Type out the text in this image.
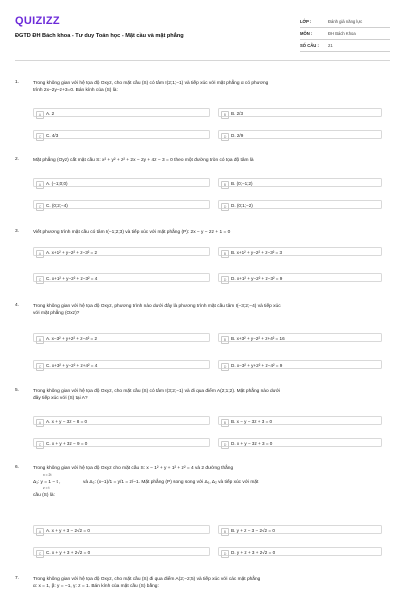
QUIZIZZ
ĐGTD ĐH Bách khoa - Tư duy Toán học - Mặt cầu và mặt phẳng
LỚP :	Đánh giá năng lực
MÔN :	ĐH Bách Khoa
SỐ CÂU :	21
1.	Trong không gian với hệ tọa độ Oxyz, cho mặt cầu (S) có tâm I(2;1;−1) và tiếp xúc với mặt phẳng α có phương
trình 2x−2y−z+3=0. Bán kính của (S) là:
A	A. 2	B	B. 2/3
C	C. 4/3	D	D. 2/9
2.	Mặt phẳng (Oyz) cắt mặt cầu S: x² + y² + z² + 2x − 2y + 4z − 3 = 0 theo một đường tròn có tọa độ tâm là
A	A. (−1;0;0)	B	B. (0;−1;2)
C	C. (0;2;−4)	D	D. (0;1;−2)
3.	Viết phương trình mặt cầu có tâm I(−1;2;3) và tiếp xúc với mặt phẳng (P): 2x − y − 2z + 1 = 0
A	A. x+1² + y−2² + z−3² = 2	B	B. x+1² + y−2² + z−3² = 3
C	C. x+1² + y−2² + z−3² = 4	D	D. x+1² + y−2² + z−3² = 9
4.	Trong không gian với hệ tọa độ Oxyz, phương trình nào dưới đây là phương trình mặt cầu tâm I(−3;2;−4) và tiếp xúc
với mặt phẳng (Oxz)?
A	A. x−3² + y+2² + z−4² = 2	B	B. x+3² + y−2² + z+4² = 16
C	C. x+3² + y−2² + z+4² = 4	D	D. x−3² + y+2² + z−4² = 9
5.	Trong không gian với hệ tọa độ Oxyz, cho mặt cầu (S) có tâm I(3;2;−1) và đi qua điểm A(2;1;2). Mặt phẳng nào dưới
đây tiếp xúc với (S) tại A?
A	A. x + y − 3z − 8 = 0	B	B. x − y − 3z + 3 = 0
C	C. x + y + 3z − 9 = 0	D	D. x + y − 3z + 3 = 0
6.	Trong không gian với hệ tọa độ Oxyz cho mặt cầu S: x − 1² + y + 1² + z² = 4 và 2 đường thẳng
x = 2t
Δ₁: y = 1 − t ,	và Δ₂: (x−1)/1 = y/1 = z/−1. Mặt phẳng (P) song song với Δ₁, Δ₂ và tiếp xúc với mặt
z = t
cầu (S) là:
A	A. x + y + 3 − 2√2 = 0	B	B. y + z − 3 − 2√2 = 0
C	C. x + y + 3 + 2√2 = 0	D	D. y + z + 3 + 2√2 = 0
7.	Trong không gian với hệ tọa độ Oxyz, cho mặt cầu (S) đi qua điểm A(2;−2;5) và tiếp xúc với các mặt phẳng
α: x = 1, β: y = −1, γ: z = 1. Bán kính của mặt cầu (S) bằng:
